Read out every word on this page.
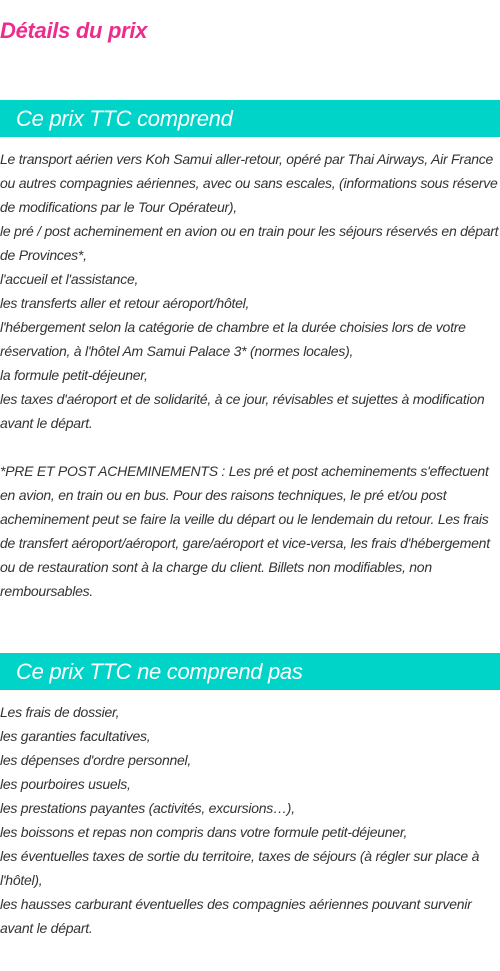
Détails du prix
Ce prix TTC comprend

Le transport aérien vers Koh Samui aller-retour, opéré par Thai Airways, Air France ou autres compagnies aériennes, avec ou sans escales, (informations sous réserve de modifications par le Tour Opérateur),

le pré / post acheminement en avion ou en train pour les séjours réservés en départ de Provinces*,

l'accueil et l'assistance,

les transferts aller et retour aéroport/hôtel,

l'hébergement selon la catégorie de chambre et la durée choisies lors de votre réservation, à l'hôtel Am Samui Palace 3* (normes locales),

la formule petit-déjeuner,

les taxes d'aéroport et de solidarité, à ce jour, révisables et sujettes à modification avant le départ.

*PRE ET POST ACHEMINEMENTS : Les pré et post acheminements s'effectuent en avion, en train ou en bus. Pour des raisons techniques, le pré et/ou post acheminement peut se faire la veille du départ ou le lendemain du retour. Les frais de transfert aéroport/aéroport, gare/aéroport et vice-versa, les frais d'hébergement ou de restauration sont à la charge du client. Billets non modifiables, non remboursables.

Ce prix TTC ne comprend pas

Les frais de dossier,

les garanties facultatives,

les dépenses d'ordre personnel,

les pourboires usuels,

les prestations payantes (activités, excursions…),

les boissons et repas non compris dans votre formule petit-déjeuner,

les éventuelles taxes de sortie du territoire, taxes de séjours (à régler sur place à l'hôtel),

les hausses carburant éventuelles des compagnies aériennes pouvant survenir avant le départ.
